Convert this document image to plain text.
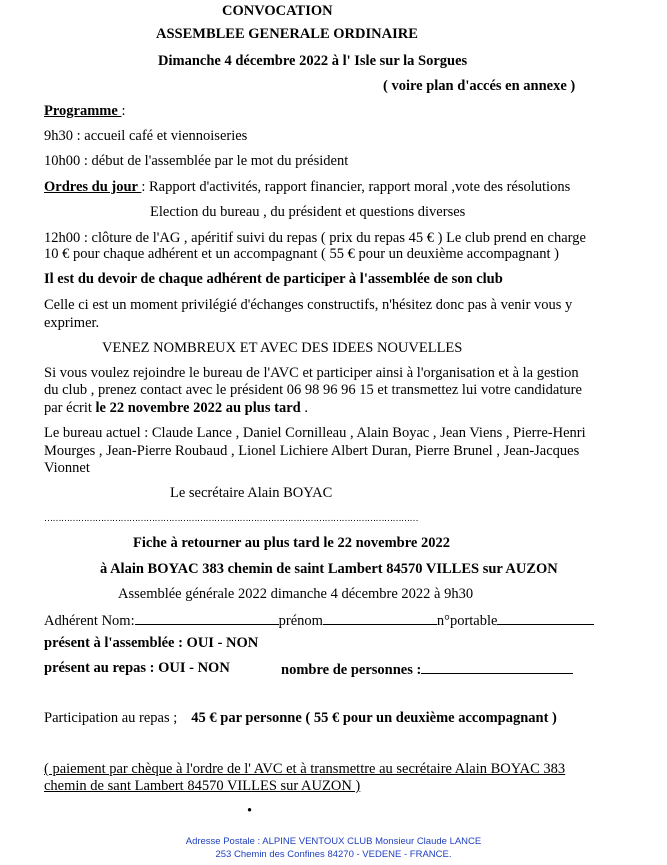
CONVOCATION
ASSEMBLEE GENERALE ORDINAIRE
Dimanche 4 décembre 2022 à l' Isle sur la Sorgues
( voire plan d'accés en annexe )
Programme :
9h30 : accueil café et viennoiseries
10h00 : début de l'assemblée par le mot du président
Ordres du jour : Rapport d'activités, rapport financier, rapport moral ,vote des résolutions
Election du bureau , du président et questions diverses
12h00 : clôture de l'AG , apéritif suivi du repas ( prix du repas 45 € ) Le club prend en charge
10 € pour chaque adhérent et un accompagnant ( 55 € pour un deuxième accompagnant )
Il est du devoir de chaque adhérent de participer à l'assemblée de son club
Celle ci est un moment privilégié d'échanges constructifs, n'hésitez donc pas à venir vous y
exprimer.
VENEZ NOMBREUX ET AVEC DES IDEES NOUVELLES
Si vous voulez rejoindre le bureau de l'AVC et participer ainsi à l'organisation et à la gestion
du club , prenez contact avec le président 06 98 96 96 15 et transmettez lui votre candidature
par écrit le 22 novembre 2022 au plus tard .
Le bureau actuel : Claude Lance , Daniel Cornilleau , Alain Boyac , Jean Viens , Pierre-Henri
Mourges , Jean-Pierre Roubaud , Lionel Lichiere Albert Duran, Pierre Brunel , Jean-Jacques
Vionnet
Le secrétaire Alain BOYAC
……………………………………………………………………………………………………………………
Fiche à retourner au plus tard le 22 novembre 2022
à Alain BOYAC 383 chemin de saint Lambert 84570 VILLES sur AUZON
Assemblée générale 2022 dimanche 4 décembre 2022 à 9h30
Adhérent Nom:	prénom	n°portable
présent à l'assemblée : OUI - NON
présent au repas : OUI - NON	nombre de personnes :
Participation au repas ; 45 € par personne ( 55 € pour un deuxième accompagnant )
( paiement par chèque à l'ordre de l' AVC et à transmettre au secrétaire Alain BOYAC 383
chemin de sant Lambert 84570 VILLES sur AUZON )
•
Adresse Postale : ALPINE VENTOUX CLUB Monsieur Claude LANCE
253 Chemin des Confines 84270 - VEDENE - FRANCE.
